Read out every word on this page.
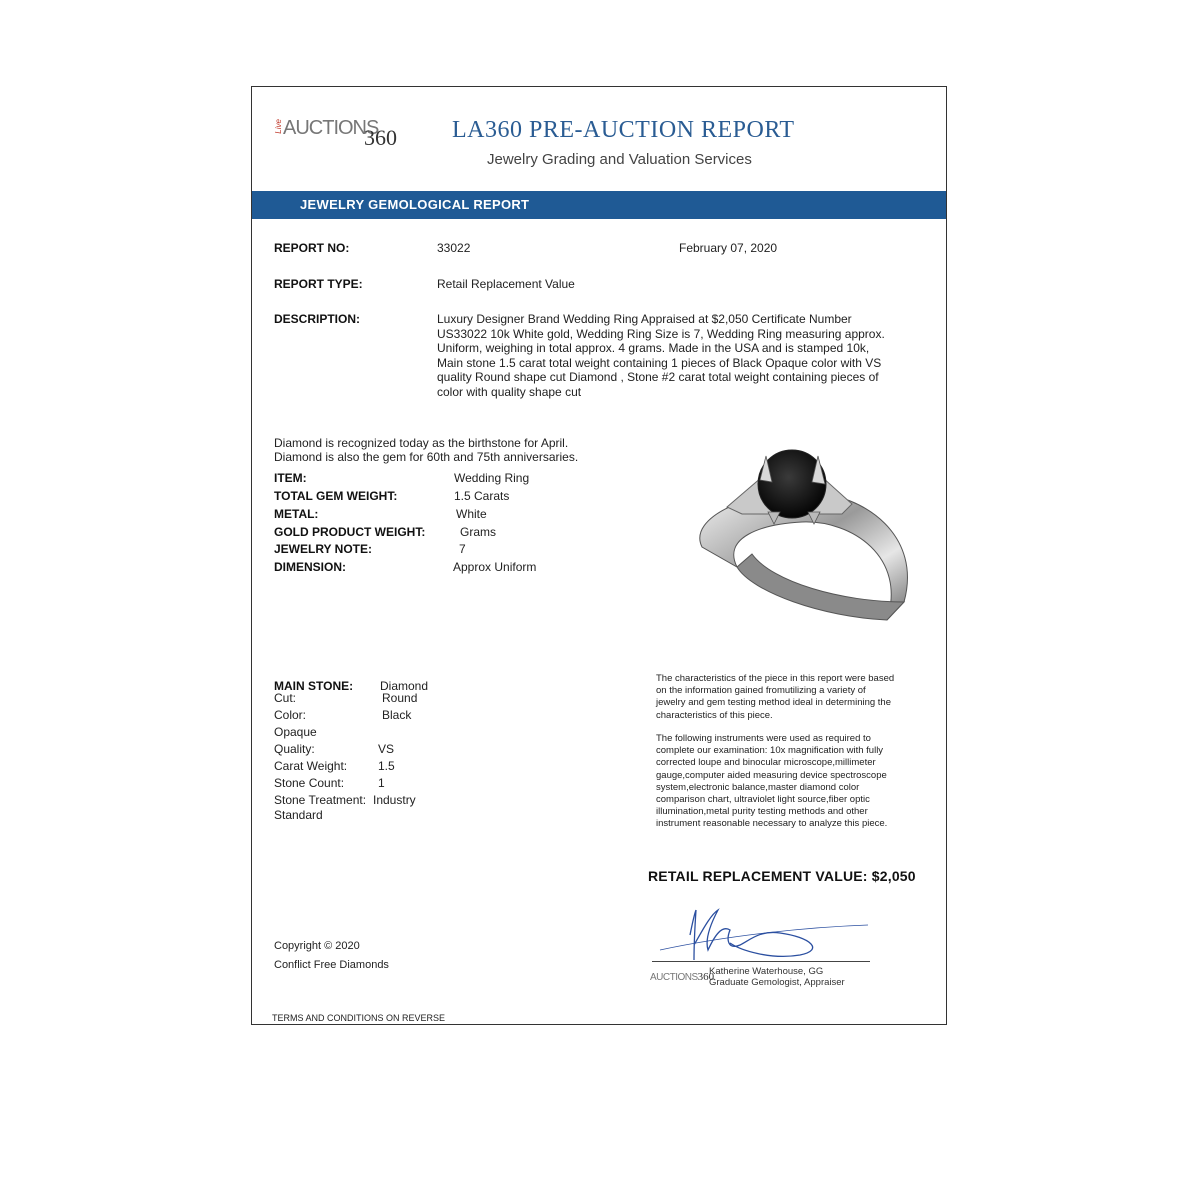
Live AUCTIONS
360 LA360 PRE-AUCTION REPORT
Jewelry Grading and Valuation Services
JEWELRY GEMOLOGICAL REPORT
REPORT NO:	33022	February 07, 2020
REPORT TYPE:	Retail Replacement Value
DESCRIPTION:	Luxury Designer Brand Wedding Ring Appraised at $2,050 Certificate Number US33022 10k White gold, Wedding Ring Size is 7, Wedding Ring measuring approx. Uniform, weighing in total approx. 4 grams. Made in the USA and is stamped 10k, Main stone 1.5 carat total weight containing 1 pieces of Black Opaque color with VS quality Round shape cut Diamond , Stone #2 carat total weight containing pieces of color with quality shape cut
Diamond is recognized today as the birthstone for April.
Diamond is also the gem for 60th and 75th anniversaries.
ITEM:	Wedding Ring
TOTAL GEM WEIGHT:	1.5 Carats
METAL:	White
GOLD PRODUCT WEIGHT:	Grams
JEWELRY NOTE:	7
DIMENSION:	Approx Uniform
MAIN STONE: Diamond
Cut:	Round
Color:	Black
Opaque
Quality:	VS
Carat Weight:	1.5
Stone Count:	1
Stone Treatment: Industry
Standard
The characteristics of the piece in this report were based
on the information gained fromutilizing a variety of
jewelry and gem testing method ideal in determining the
characteristics of this piece.
The following instruments were used as required to
complete our examination: 10x magnification with fully
corrected loupe and binocular microscope,millimeter
gauge,computer aided measuring device spectroscope
system,electronic balance,master diamond color
comparison chart, ultraviolet light source,fiber optic
illumination,metal purity testing methods and other
instrument reasonable necessary to analyze this piece.
RETAIL REPLACEMENT VALUE: $2,050
Copyright © 2020
Conflict Free Diamonds
AUCTIONS360
Katherine Waterhouse, GG
Graduate Gemologist, Appraiser
TERMS AND CONDITIONS ON REVERSE
